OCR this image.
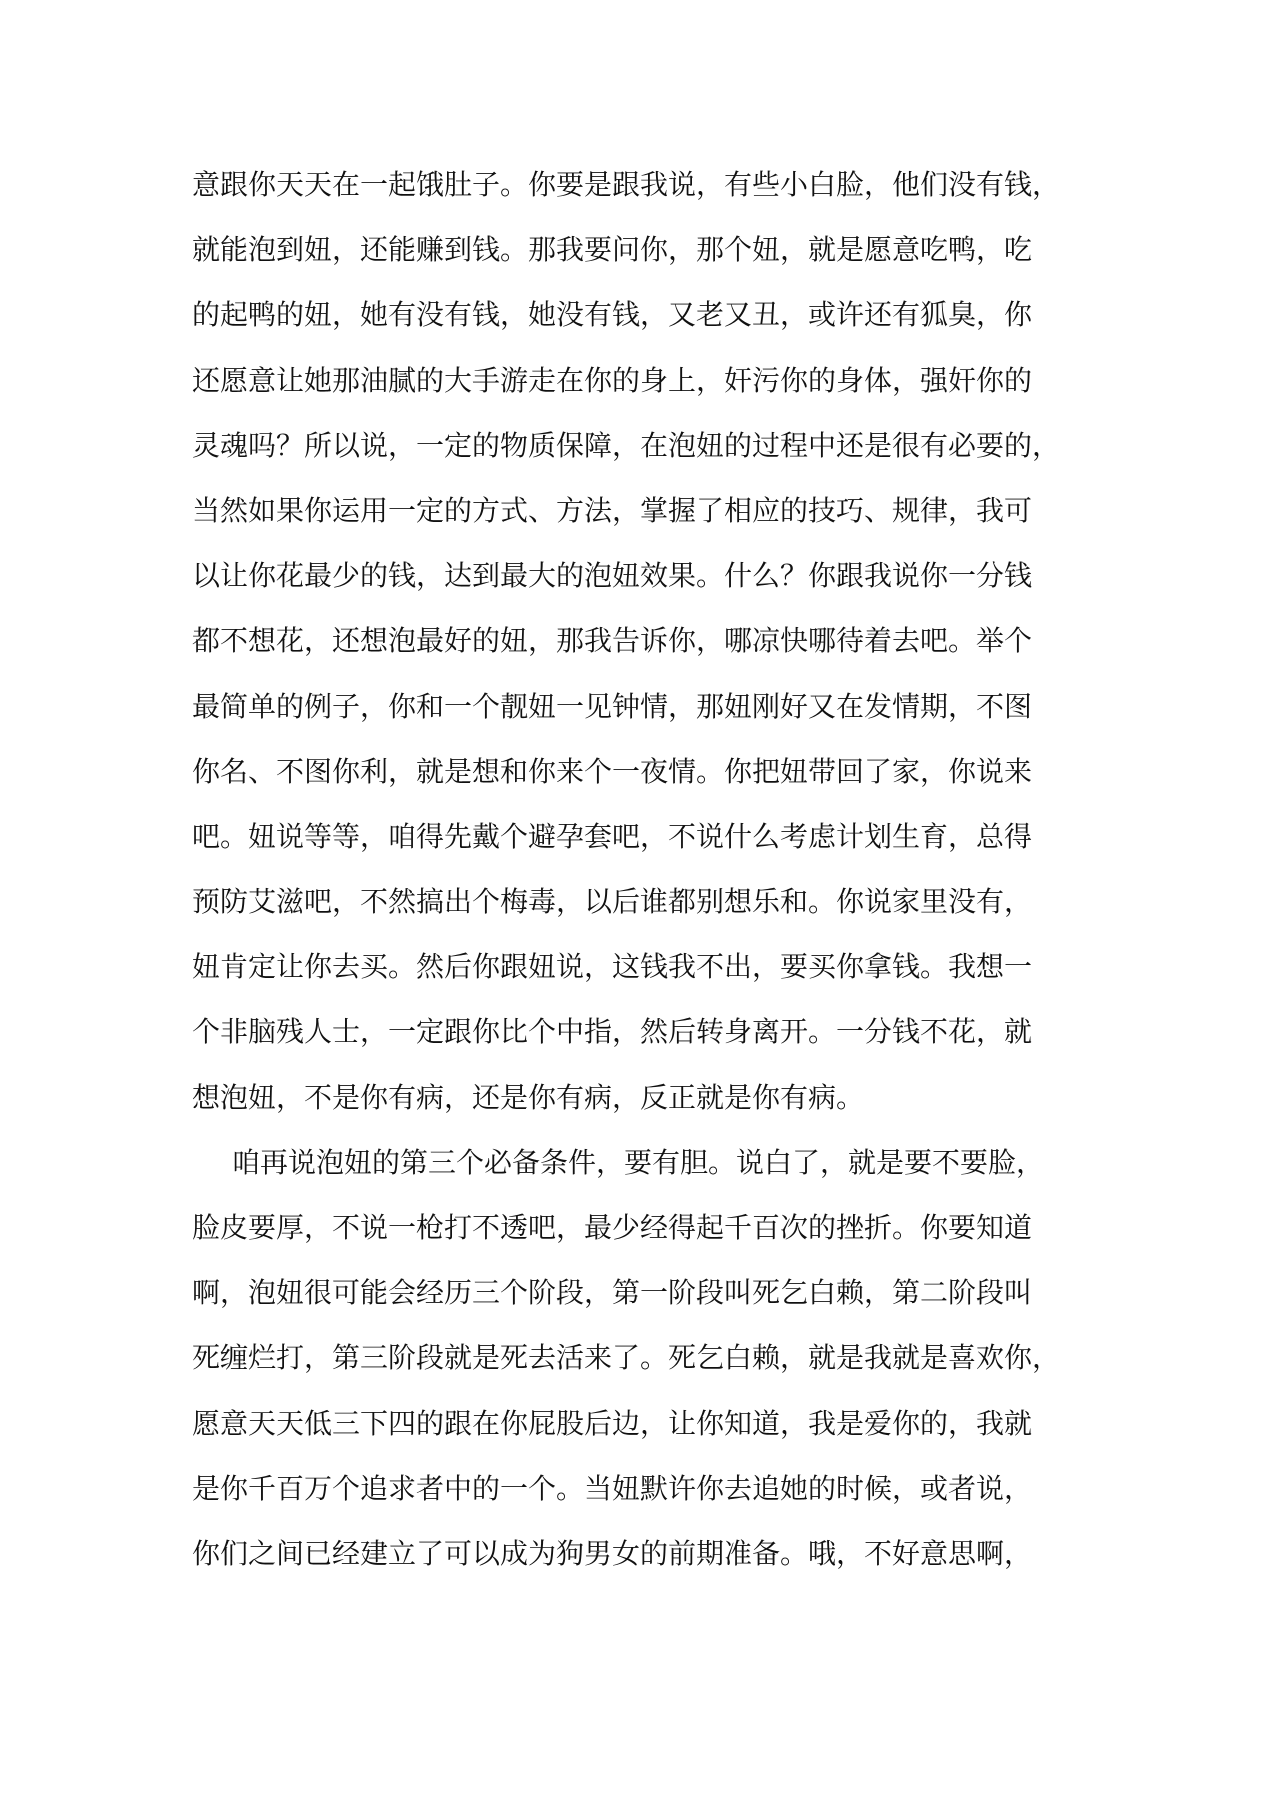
意跟你天天在一起饿肚子。你要是跟我说，有些小白脸，他们没有钱，
就能泡到妞，还能赚到钱。那我要问你，那个妞，就是愿意吃鸭，吃
的起鸭的妞，她有没有钱，她没有钱，又老又丑，或许还有狐臭，你
还愿意让她那油腻的大手游走在你的身上，奸污你的身体，强奸你的
灵魂吗？所以说，一定的物质保障，在泡妞的过程中还是很有必要的，
当然如果你运用一定的方式、方法，掌握了相应的技巧、规律，我可
以让你花最少的钱，达到最大的泡妞效果。什么？你跟我说你一分钱
都不想花，还想泡最好的妞，那我告诉你，哪凉快哪待着去吧。举个
最简单的例子，你和一个靓妞一见钟情，那妞刚好又在发情期，不图
你名、不图你利，就是想和你来个一夜情。你把妞带回了家，你说来
吧。妞说等等，咱得先戴个避孕套吧，不说什么考虑计划生育，总得
预防艾滋吧，不然搞出个梅毒，以后谁都别想乐和。你说家里没有，
妞肯定让你去买。然后你跟妞说，这钱我不出，要买你拿钱。我想一
个非脑残人士，一定跟你比个中指，然后转身离开。一分钱不花，就
想泡妞，不是你有病，还是你有病，反正就是你有病。
咱再说泡妞的第三个必备条件，要有胆。说白了，就是要不要脸，
脸皮要厚，不说一枪打不透吧，最少经得起千百次的挫折。你要知道
啊，泡妞很可能会经历三个阶段，第一阶段叫死乞白赖，第二阶段叫
死缠烂打，第三阶段就是死去活来了。死乞白赖，就是我就是喜欢你，
愿意天天低三下四的跟在你屁股后边，让你知道，我是爱你的，我就
是你千百万个追求者中的一个。当妞默许你去追她的时候，或者说，
你们之间已经建立了可以成为狗男女的前期准备。哦，不好意思啊，
